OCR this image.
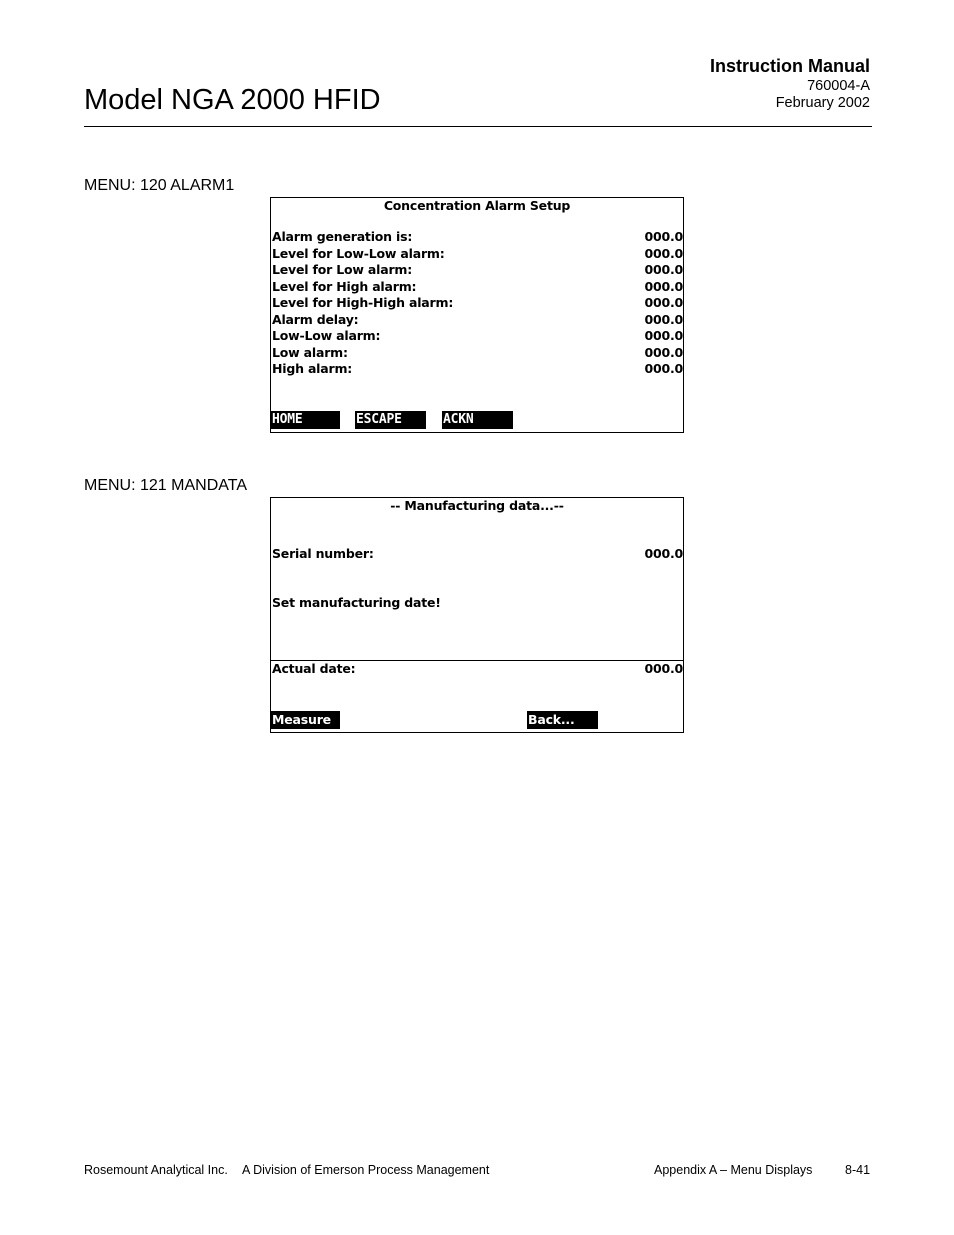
Instruction Manual
760004-A
February 2002
Model NGA 2000 HFID
MENU: 120 ALARM1
Concentration Alarm Setup
Alarm generation is:	000.0
Level for Low-Low alarm:	000.0
Level for Low alarm:	000.0
Level for High alarm:	000.0
Level for High-High alarm:	000.0
Alarm delay:	000.0
Low-Low alarm:	000.0
Low alarm:	000.0
High alarm:	000.0
HOME	ESCAPE	ACKN
MENU: 121 MANDATA
-- Manufacturing data...--
Serial number:	000.0
Set manufacturing date!
Actual date:	000.0
Measure	Back...
Rosemount Analytical Inc. A Division of Emerson Process Management	Appendix A – Menu Displays	8-41
